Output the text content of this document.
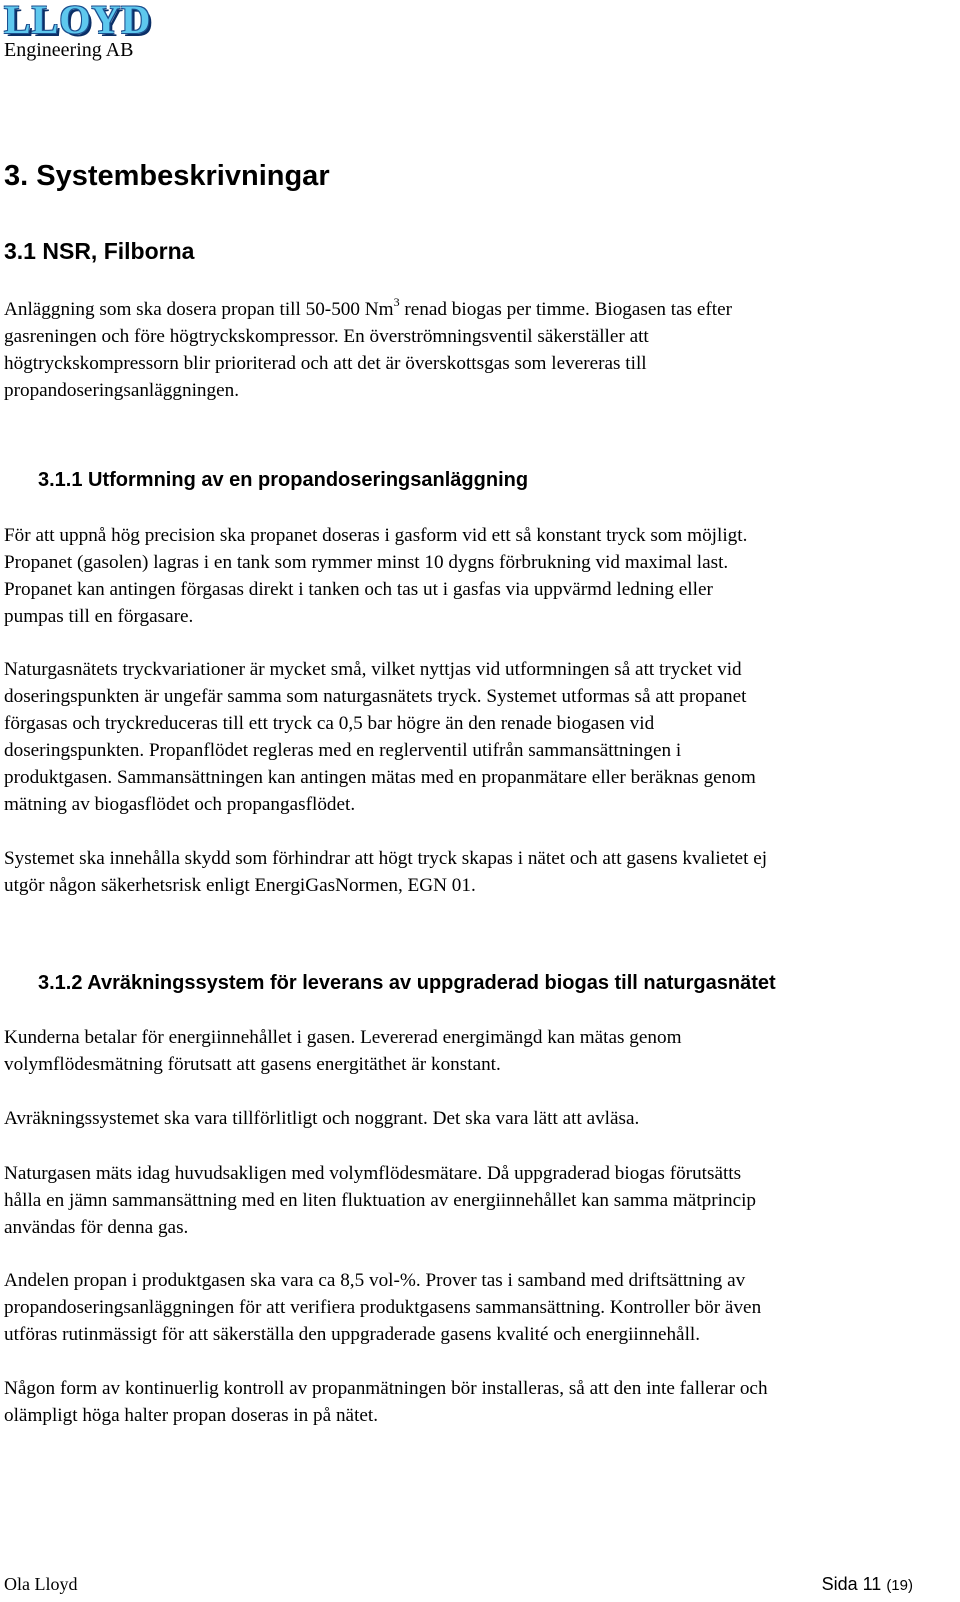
LLOYD
Engineering AB
3. Systembeskrivningar
3.1 NSR, Filborna
Anläggning som ska dosera propan till 50-500 Nm$^3$ renad biogas per timme. Biogasen tas efter
gasreningen och före högtryckskompressor. En överströmningsventil säkerställer att
högtryckskompressorn blir prioriterad och att det är överskottsgas som levereras till
propandoseringsanläggningen.
3.1.1 Utformning av en propandoseringsanläggning
För att uppnå hög precision ska propanet doseras i gasform vid ett så konstant tryck som möjligt.
Propanet (gasolen) lagras i en tank som rymmer minst 10 dygns förbrukning vid maximal last.
Propanet kan antingen förgasas direkt i tanken och tas ut i gasfas via uppvärmd ledning eller
pumpas till en förgasare.
Naturgasnätets tryckvariationer är mycket små, vilket nyttjas vid utformningen så att trycket vid
doseringspunkten är ungefär samma som naturgasnätets tryck. Systemet utformas så att propanet
förgasas och tryckreduceras till ett tryck ca 0,5 bar högre än den renade biogasen vid
doseringspunkten. Propanflödet regleras med en reglerventil utifrån sammansättningen i
produktgasen. Sammansättningen kan antingen mätas med en propanmätare eller beräknas genom
mätning av biogasflödet och propangasflödet.
Systemet ska innehålla skydd som förhindrar att högt tryck skapas i nätet och att gasens kvalietet ej
utgör någon säkerhetsrisk enligt EnergiGasNormen, EGN 01.
3.1.2 Avräkningssystem för leverans av uppgraderad biogas till naturgasnätet
Kunderna betalar för energiinnehållet i gasen. Levererad energimängd kan mätas genom
volymflödesmätning förutsatt att gasens energitäthet är konstant.
Avräkningssystemet ska vara tillförlitligt och noggrant. Det ska vara lätt att avläsa.
Naturgasen mäts idag huvudsakligen med volymflödesmätare. Då uppgraderad biogas förutsätts
hålla en jämn sammansättning med en liten fluktuation av energiinnehållet kan samma mätprincip
användas för denna gas.
Andelen propan i produktgasen ska vara ca 8,5 vol-%. Prover tas i samband med driftsättning av
propandoseringsanläggningen för att verifiera produktgasens sammansättning. Kontroller bör även
utföras rutinmässigt för att säkerställa den uppgraderade gasens kvalité och energiinnehåll.
Någon form av kontinuerlig kontroll av propanmätningen bör installeras, så att den inte fallerar och
olämpligt höga halter propan doseras in på nätet.
Ola Lloyd	Sida 11 (19)
